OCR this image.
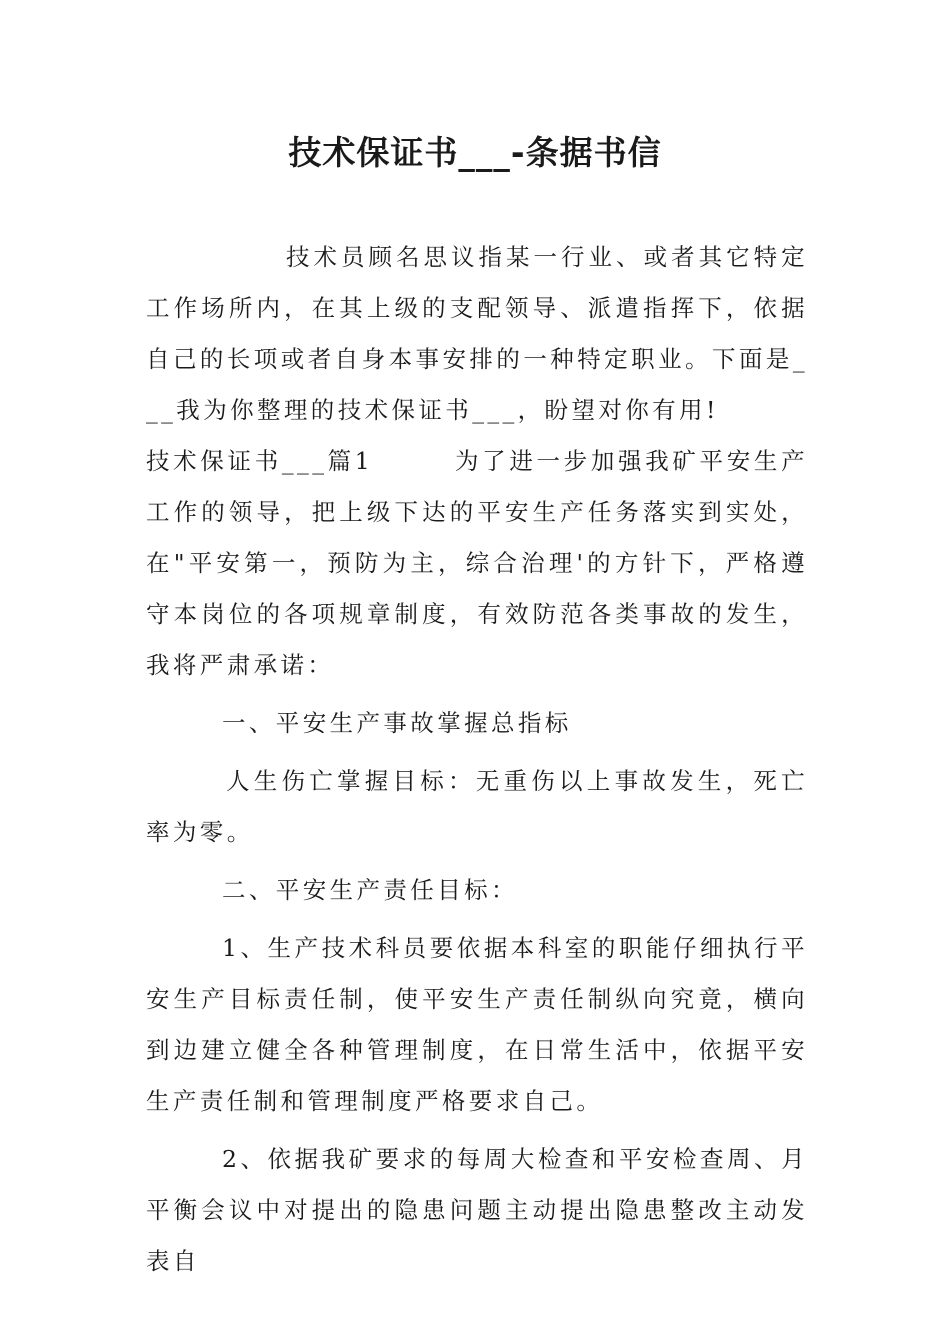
技术保证书___-条据书信

技术员顾名思议指某一行业、或者其它特定工作场所内，在其上级的支配领导、派遣指挥下，依据自己的长项或者自身本事安排的一种特定职业。下面是___我为你整理的技术保证书___，盼望对你有用!

技术保证书___篇1　　　为了进一步加强我矿平安生产工作的领导，把上级下达的平安生产任务落实到实处，在"平安第一，预防为主，综合治理'的方针下，严格遵守本岗位的各项规章制度，有效防范各类事故的发生，我将严肃承诺：

一、平安生产事故掌握总指标

人生伤亡掌握目标：无重伤以上事故发生，死亡率为零。

二、平安生产责任目标：

1、生产技术科员要依据本科室的职能仔细执行平安生产目标责任制，使平安生产责任制纵向究竟，横向到边建立健全各种管理制度，在日常生活中，依据平安生产责任制和管理制度严格要求自己。

2、依据我矿要求的每周大检查和平安检查周、月平衡会议中对提出的隐患问题主动提出隐患整改主动发表自
